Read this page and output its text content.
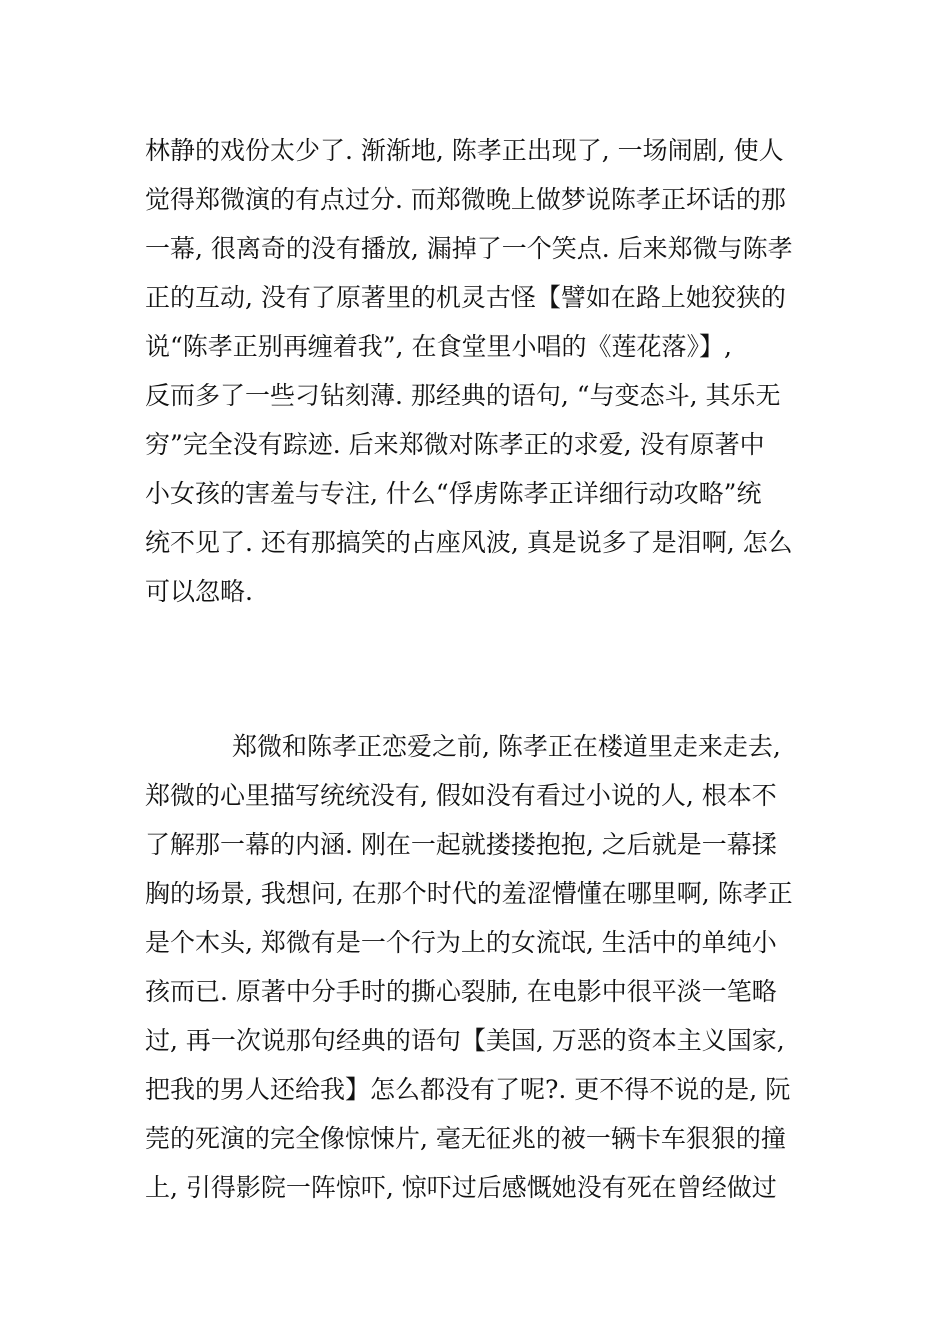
林静的戏份太少了. 渐渐地, 陈孝正出现了, 一场闹剧, 使人
觉得郑微演的有点过分. 而郑微晚上做梦说陈孝正坏话的那
一幕, 很离奇的没有播放, 漏掉了一个笑点. 后来郑微与陈孝
正的互动, 没有了原著里的机灵古怪【譬如在路上她狡狭的
说“陈孝正别再缠着我”, 在食堂里小唱的《莲花落》】,
反而多了一些刁钻刻薄. 那经典的语句, “与变态斗, 其乐无
穷”完全没有踪迹. 后来郑微对陈孝正的求爱, 没有原著中
小女孩的害羞与专注, 什么“俘虏陈孝正详细行动攻略”统
统不见了. 还有那搞笑的占座风波, 真是说多了是泪啊, 怎么
可以忽略.
郑微和陈孝正恋爱之前, 陈孝正在楼道里走来走去,
郑微的心里描写统统没有, 假如没有看过小说的人, 根本不
了解那一幕的内涵. 刚在一起就搂搂抱抱, 之后就是一幕揉
胸的场景, 我想问, 在那个时代的羞涩懵懂在哪里啊, 陈孝正
是个木头, 郑微有是一个行为上的女流氓, 生活中的单纯小
孩而已. 原著中分手时的撕心裂肺, 在电影中很平淡一笔略
过, 再一次说那句经典的语句【美国, 万恶的资本主义国家,
把我的男人还给我】怎么都没有了呢?. 更不得不说的是, 阮
莞的死演的完全像惊悚片, 毫无征兆的被一辆卡车狠狠的撞
上, 引得影院一阵惊吓, 惊吓过后感慨她没有死在曾经做过
